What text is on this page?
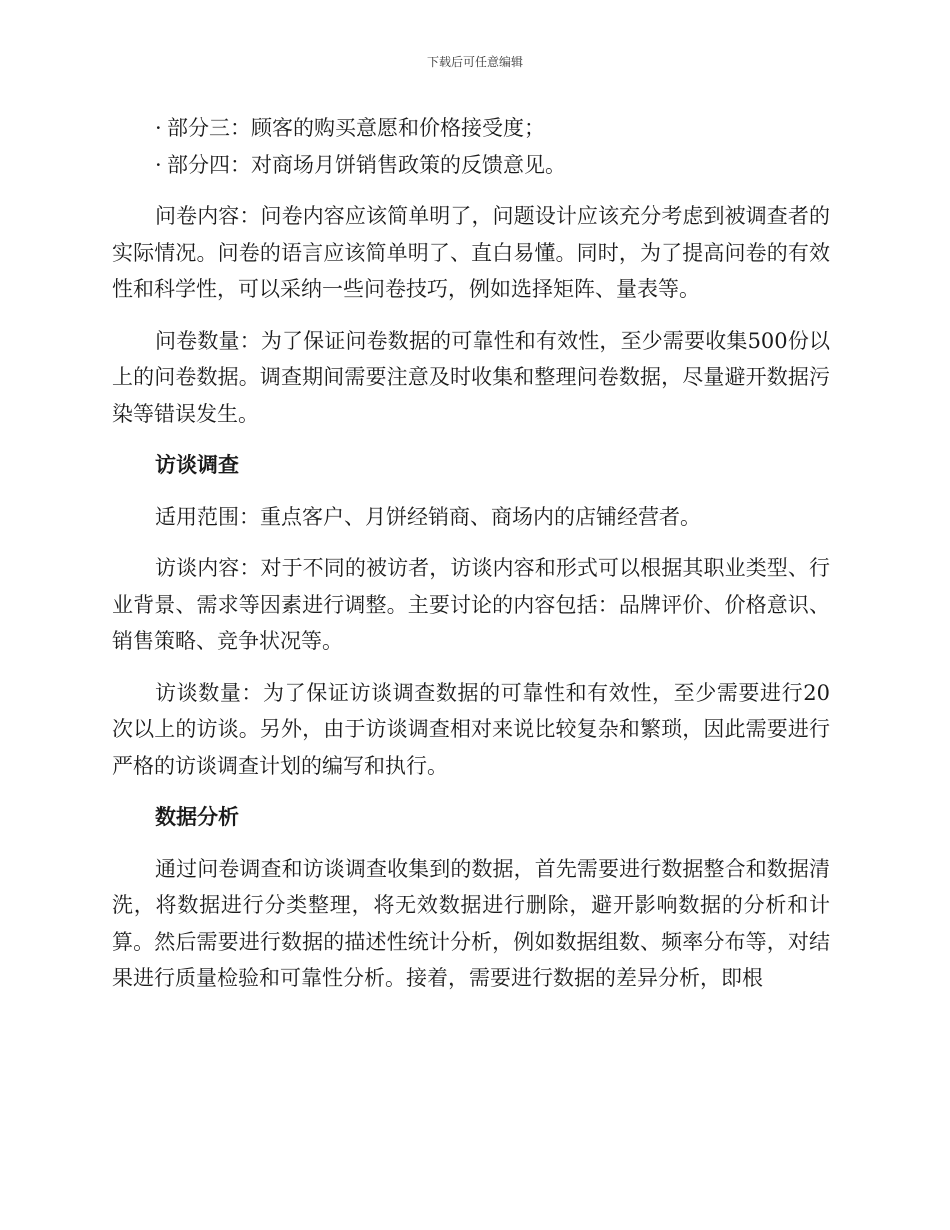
下载后可任意编辑

· 部分三：顾客的购买意愿和价格接受度；

· 部分四：对商场月饼销售政策的反馈意见。

问卷内容：问卷内容应该简单明了，问题设计应该充分考虑到被调查者的实际情况。问卷的语言应该简单明了、直白易懂。同时，为了提高问卷的有效性和科学性，可以采纳一些问卷技巧，例如选择矩阵、量表等。

问卷数量：为了保证问卷数据的可靠性和有效性，至少需要收集500份以上的问卷数据。调查期间需要注意及时收集和整理问卷数据，尽量避开数据污染等错误发生。

访谈调查

适用范围：重点客户、月饼经销商、商场内的店铺经营者。

访谈内容：对于不同的被访者，访谈内容和形式可以根据其职业类型、行业背景、需求等因素进行调整。主要讨论的内容包括：品牌评价、价格意识、销售策略、竞争状况等。

访谈数量：为了保证访谈调查数据的可靠性和有效性，至少需要进行20次以上的访谈。另外，由于访谈调查相对来说比较复杂和繁琐，因此需要进行严格的访谈调查计划的编写和执行。

数据分析

通过问卷调查和访谈调查收集到的数据，首先需要进行数据整合和数据清洗，将数据进行分类整理，将无效数据进行删除，避开影响数据的分析和计算。然后需要进行数据的描述性统计分析，例如数据组数、频率分布等，对结果进行质量检验和可靠性分析。接着，需要进行数据的差异分析，即根
